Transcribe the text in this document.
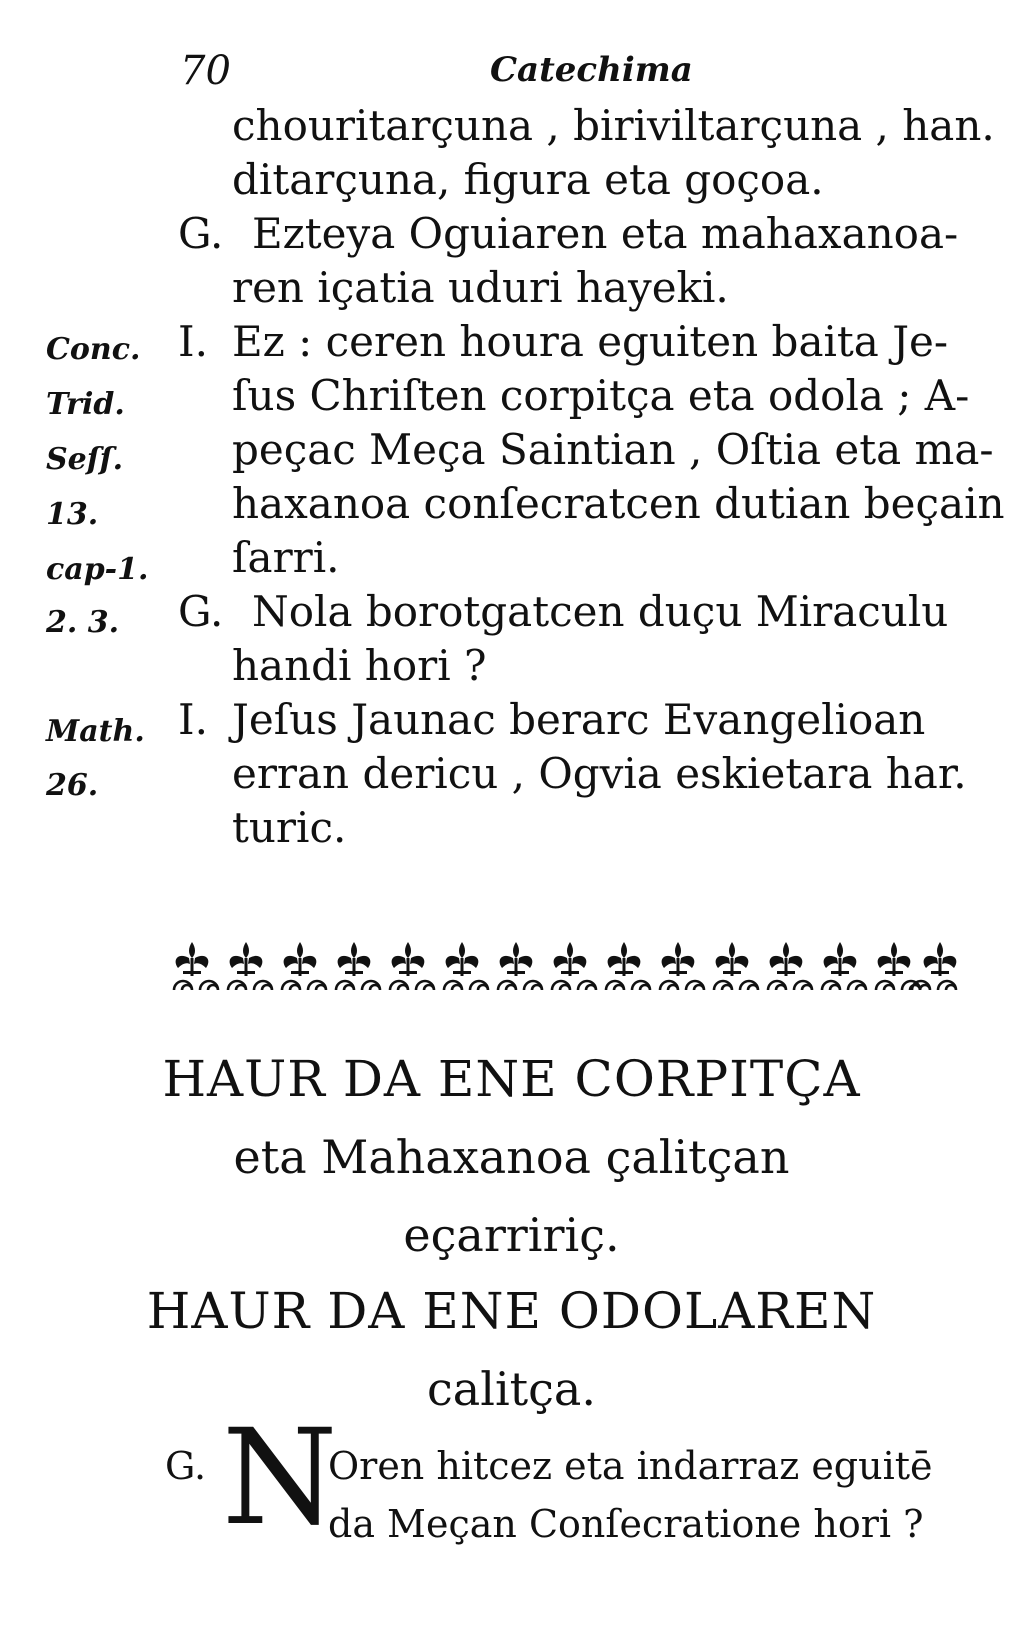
70	Catechima
chouritarçuna , biriviltarçuna , han.
ditarçuna, figura eta goçoa.
G. Ezteya Oguiaren eta mahaxanoa-
ren içatia uduri hayeki.
I. Ez : ceren houra eguiten baita Je-
ſus Chriſten corpitça eta odola ; A-
peçac Meça Saintian , Oſtia eta ma-
haxanoa conſecratcen dutian beçain
ſarri.
G. Nola borotgatcen duçu Miraculu
handi hori ?
I. Jeſus Jaunac berarc Evangelioan
erran dericu , Ogvia eskietara har.
turic.
Conc.
Trid.
Seſſ.
13.
cap-1.
2. 3.
Math.
26.
HAUR DA ENE CORPITÇA
eta Mahaxanoa çalitçan
eçarririç.
HAUR DA ENE ODOLAREN
calitça.
G. N
Oren hitcez eta indarraz eguitē
da Meçan Conſecratione hori ?
